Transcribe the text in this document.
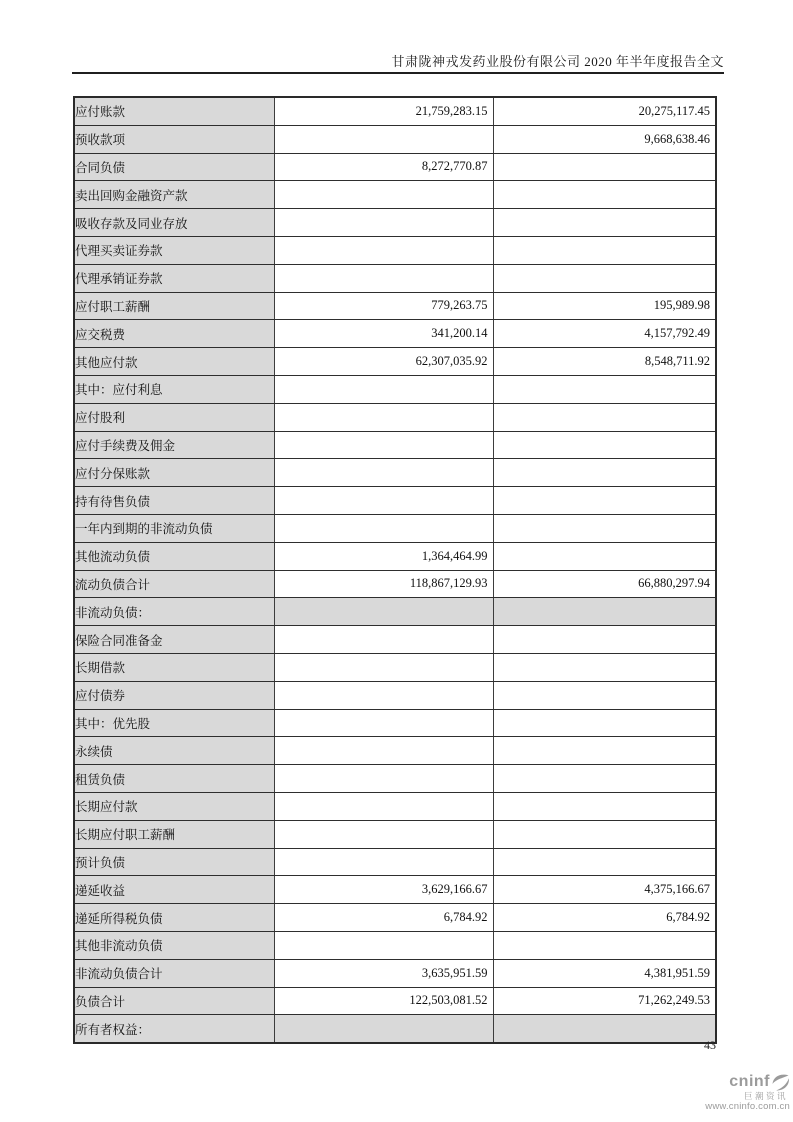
甘肃陇神戎发药业股份有限公司 2020 年半年度报告全文
应付账款	21,759,283.15	20,275,117.45
预收款项		9,668,638.46
合同负债	8,272,770.87	
卖出回购金融资产款		
吸收存款及同业存放		
代理买卖证券款		
代理承销证券款		
应付职工薪酬	779,263.75	195,989.98
应交税费	341,200.14	4,157,792.49
其他应付款	62,307,035.92	8,548,711.92
其中：应付利息		
应付股利		
应付手续费及佣金		
应付分保账款		
持有待售负债		
一年内到期的非流动负债		
其他流动负债	1,364,464.99	
流动负债合计	118,867,129.93	66,880,297.94
非流动负债：		
保险合同准备金		
长期借款		
应付债券		
其中：优先股		
永续债		
租赁负债		
长期应付款		
长期应付职工薪酬		
预计负债		
递延收益	3,629,166.67	4,375,166.67
递延所得税负债	6,784.92	6,784.92
其他非流动负债		
非流动负债合计	3,635,951.59	4,381,951.59
负债合计	122,503,081.52	71,262,249.53
所有者权益：		
43
cninf
巨潮资讯
www.cninfo.com.cn
